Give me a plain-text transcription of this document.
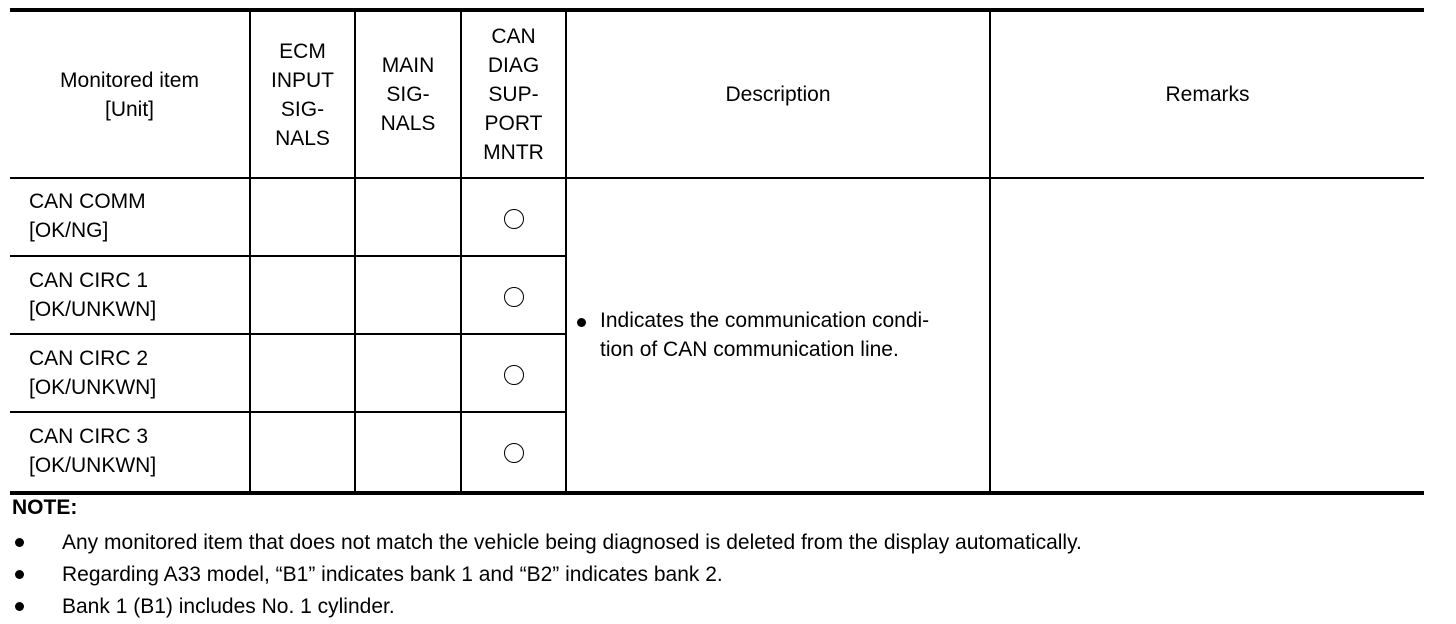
Monitored item
[Unit]
ECM
INPUT
SIG-
NALS
MAIN
SIG-
NALS
CAN
DIAG
SUP-
PORT
MNTR
Description	Remarks
CAN COMM
[OK/NG]
CAN CIRC 1
[OK/UNKWN]
CAN CIRC 2
[OK/UNKWN]
CAN CIRC 3
[OK/UNKWN]
Indicates the communication condi-
tion of CAN communication line.
NOTE:
Any monitored item that does not match the vehicle being diagnosed is deleted from the display automatically.
Regarding A33 model, “B1” indicates bank 1 and “B2” indicates bank 2.
Bank 1 (B1) includes No. 1 cylinder.
